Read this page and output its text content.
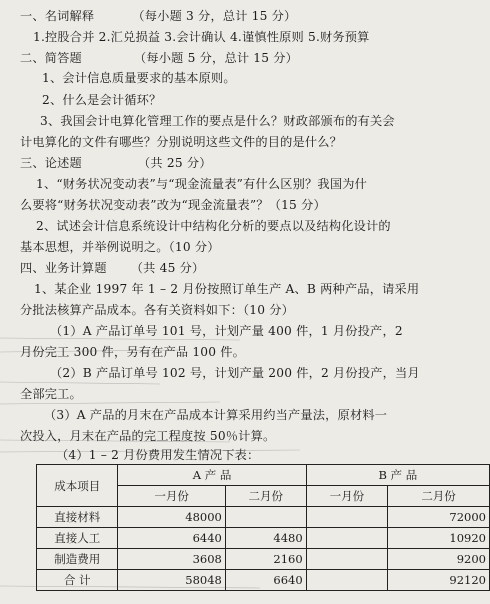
一、名词解释	（每小题 3 分，总计 15 分）
1.控股合并 2.汇兑损益 3.会计确认 4.谨慎性原则 5.财务预算
二、简答题	（每小题 5 分，总计 15 分）
1、会计信息质量要求的基本原则。
2、什么是会计循环？
3、我国会计电算化管理工作的要点是什么？财政部颁布的有关会
计电算化的文件有哪些？分别说明这些文件的目的是什么？
三、论述题	（共 25 分）
1、“财务状况变动表”与“现金流量表”有什么区别？我国为什
么要将“财务状况变动表”改为“现金流量表”？（15 分）
2、试述会计信息系统设计中结构化分析的要点以及结构化设计的
基本思想，并举例说明之。（10 分）
四、业务计算题 （共 45 分）
1、某企业 1997 年 1 – 2 月份按照订单生产 A、B 两种产品，请采用
分批法核算产品成本。各有关资料如下：（10 分）
（1）A 产品订单号 101 号，计划产量 400 件，1 月份投产，2
月份完工 300 件，另有在产品 100 件。
（2）B 产品订单号 102 号，计划产量 200 件，2 月份投产，当月
全部完工。
（3）A 产品的月末在产品成本计算采用约当产量法，原材料一
次投入，月末在产品的完工程度按 50％计算。
（4）1 – 2 月份费用发生情况下表：
成本项目	A 产 品		B 产 品	
	一月份	二月份	一月份	二月份
直接材料	48000			72000
直接人工	6440	4480		10920
制造费用	3608	2160		9200
合 计	58048	6640		92120
